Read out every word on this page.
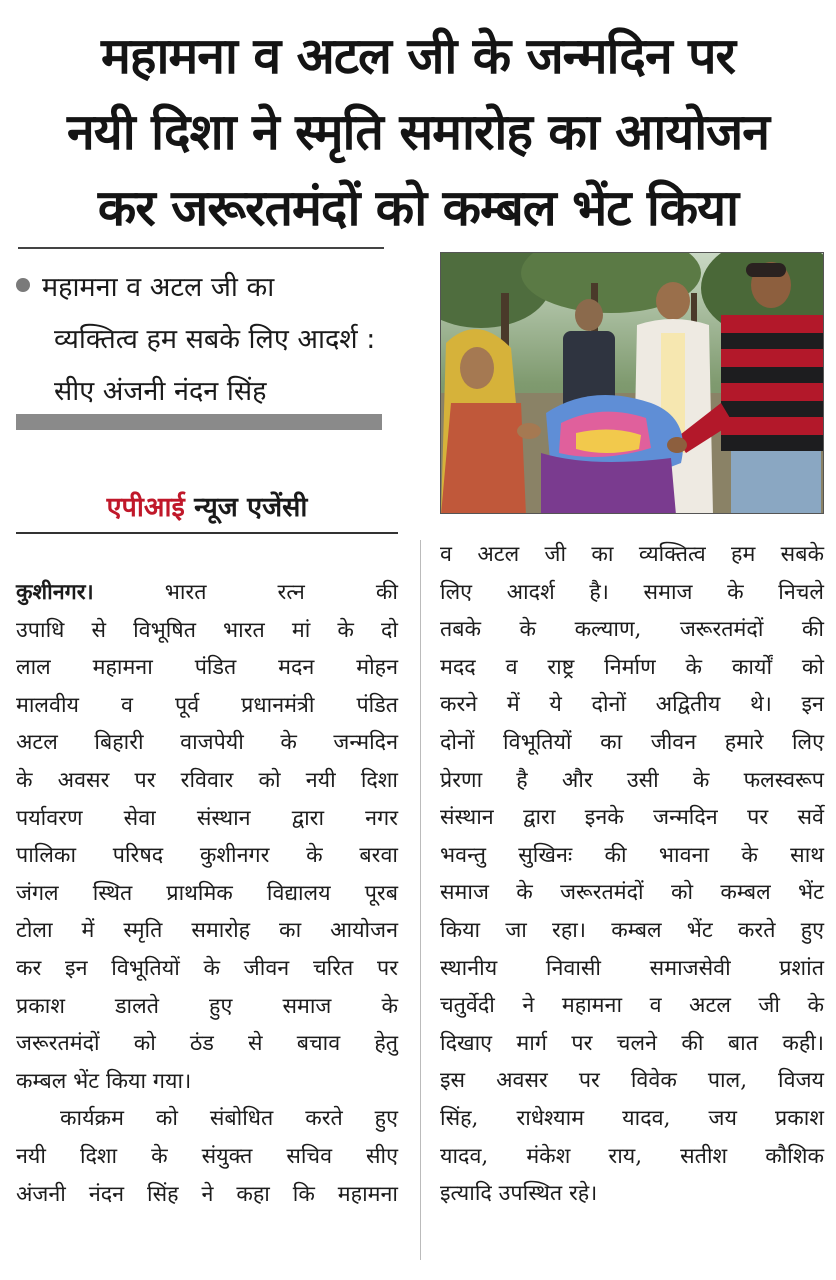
महामना व अटल जी के जन्मदिन पर
नयी दिशा ने स्मृति समारोह का आयोजन
कर जरूरतमंदों को कम्बल भेंट किया
महामना व अटल जी का
व्यक्तित्व हम सबके लिए आदर्श :
सीए अंजनी नंदन सिंह
एपीआई न्यूज एजेंसी
कुशीनगर। भारत रत्न की
उपाधि से विभूषित भारत मां के दो
लाल महामना पंडित मदन मोहन
मालवीय व पूर्व प्रधानमंत्री पंडित
अटल बिहारी वाजपेयी के जन्मदिन
के अवसर पर रविवार को नयी दिशा
पर्यावरण सेवा संस्थान द्वारा नगर
पालिका परिषद कुशीनगर के बरवा
जंगल स्थित प्राथमिक विद्यालय पूरब
टोला में स्मृति समारोह का आयोजन
कर इन विभूतियों के जीवन चरित पर
प्रकाश डालते हुए समाज के
जरूरतमंदों को ठंड से बचाव हेतु
कम्बल भेंट किया गया।
कार्यक्रम को संबोधित करते हुए
नयी दिशा के संयुक्त सचिव सीए
अंजनी नंदन सिंह ने कहा कि महामना
व अटल जी का व्यक्तित्व हम सबके
लिए आदर्श है। समाज के निचले
तबके के कल्याण, जरूरतमंदों की
मदद व राष्ट्र निर्माण के कार्यों को
करने में ये दोनों अद्वितीय थे। इन
दोनों विभूतियों का जीवन हमारे लिए
प्रेरणा है और उसी के फलस्वरूप
संस्थान द्वारा इनके जन्मदिन पर सर्वे
भवन्तु सुखिनः की भावना के साथ
समाज के जरूरतमंदों को कम्बल भेंट
किया जा रहा। कम्बल भेंट करते हुए
स्थानीय निवासी समाजसेवी प्रशांत
चतुर्वेदी ने महामना व अटल जी के
दिखाए मार्ग पर चलने की बात कही।
इस अवसर पर विवेक पाल, विजय
सिंह, राधेश्याम यादव, जय प्रकाश
यादव, मंकेश राय, सतीश कौशिक
इत्यादि उपस्थित रहे।
